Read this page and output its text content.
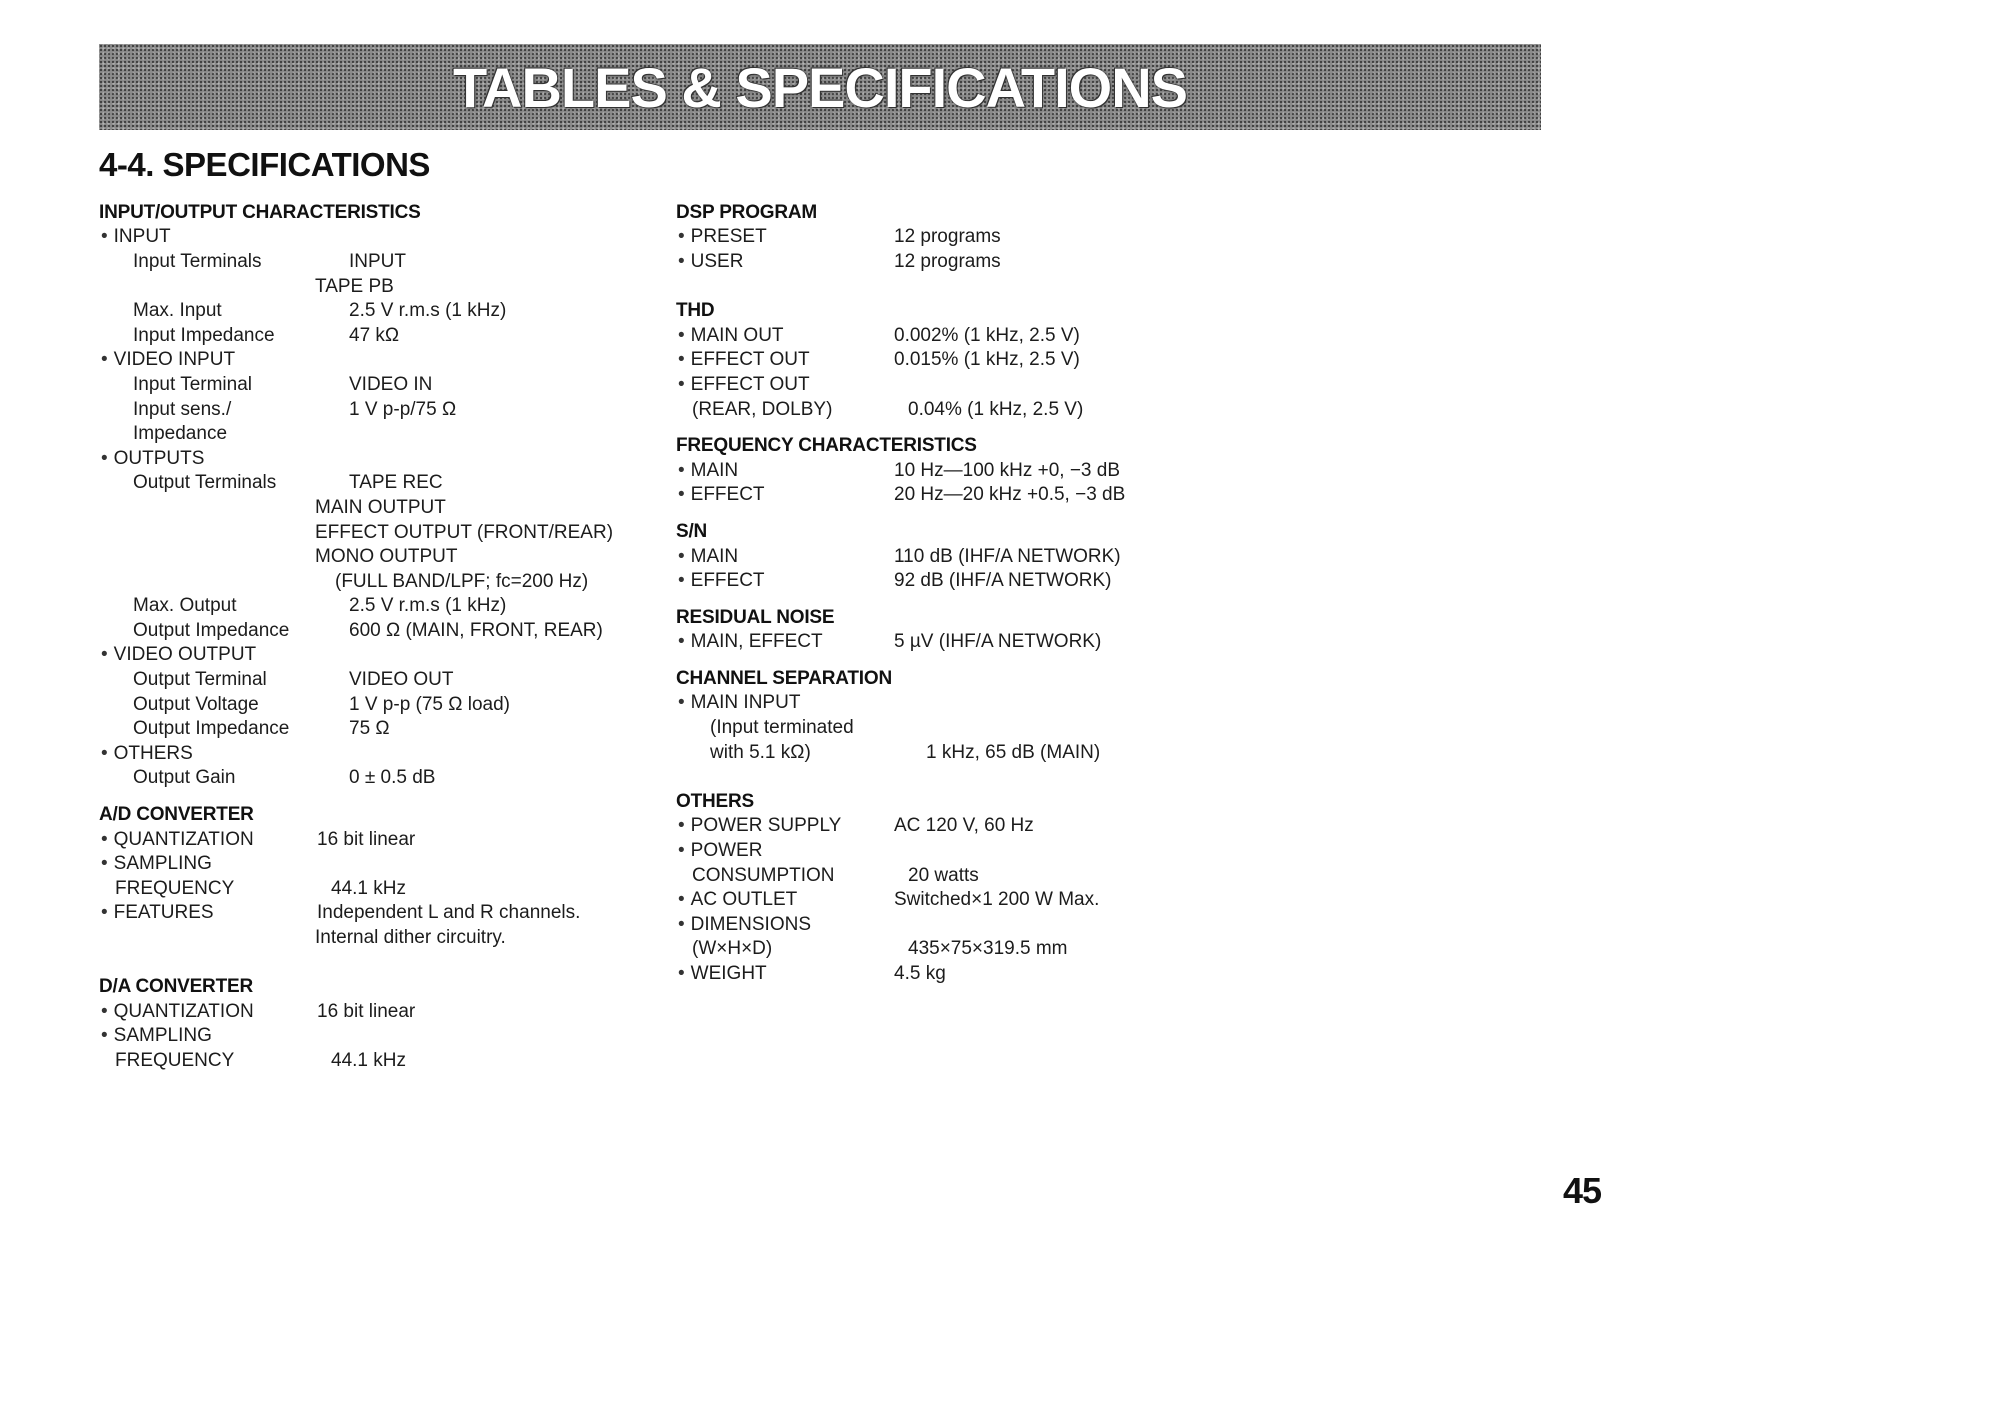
TABLES & SPECIFICATIONS
4-4. SPECIFICATIONS
INPUT/OUTPUT CHARACTERISTICS
• INPUT
Input Terminals	INPUT
TAPE PB
Max. Input	2.5 V r.m.s (1 kHz)
Input Impedance	47 kΩ
• VIDEO INPUT
Input Terminal	VIDEO IN
Input sens./	1 V p-p/75 Ω
Impedance
• OUTPUTS
Output Terminals	TAPE REC
MAIN OUTPUT
EFFECT OUTPUT (FRONT/REAR)
MONO OUTPUT
(FULL BAND/LPF; fc=200 Hz)
Max. Output	2.5 V r.m.s (1 kHz)
Output Impedance	600 Ω (MAIN, FRONT, REAR)
• VIDEO OUTPUT
Output Terminal	VIDEO OUT
Output Voltage	1 V p-p (75 Ω load)
Output Impedance	75 Ω
• OTHERS
Output Gain	0 ± 0.5 dB
A/D CONVERTER
• QUANTIZATION	16 bit linear
• SAMPLING
FREQUENCY	44.1 kHz
• FEATURES	Independent L and R channels.
Internal dither circuitry.
D/A CONVERTER
• QUANTIZATION	16 bit linear
• SAMPLING
FREQUENCY	44.1 kHz
DSP PROGRAM
• PRESET	12 programs
• USER	12 programs
THD
• MAIN OUT	0.002% (1 kHz, 2.5 V)
• EFFECT OUT	0.015% (1 kHz, 2.5 V)
• EFFECT OUT
(REAR, DOLBY)	0.04% (1 kHz, 2.5 V)
FREQUENCY CHARACTERISTICS
• MAIN	10 Hz—100 kHz +0, −3 dB
• EFFECT	20 Hz—20 kHz +0.5, −3 dB
S/N
• MAIN	110 dB (IHF/A NETWORK)
• EFFECT	92 dB (IHF/A NETWORK)
RESIDUAL NOISE
• MAIN, EFFECT	5 µV (IHF/A NETWORK)
CHANNEL SEPARATION
• MAIN INPUT
(Input terminated
with 5.1 kΩ)	1 kHz, 65 dB (MAIN)
OTHERS
• POWER SUPPLY	AC 120 V, 60 Hz
• POWER
CONSUMPTION	20 watts
• AC OUTLET	Switched×1 200 W Max.
• DIMENSIONS
(W×H×D)	435×75×319.5 mm
• WEIGHT	4.5 kg
45
